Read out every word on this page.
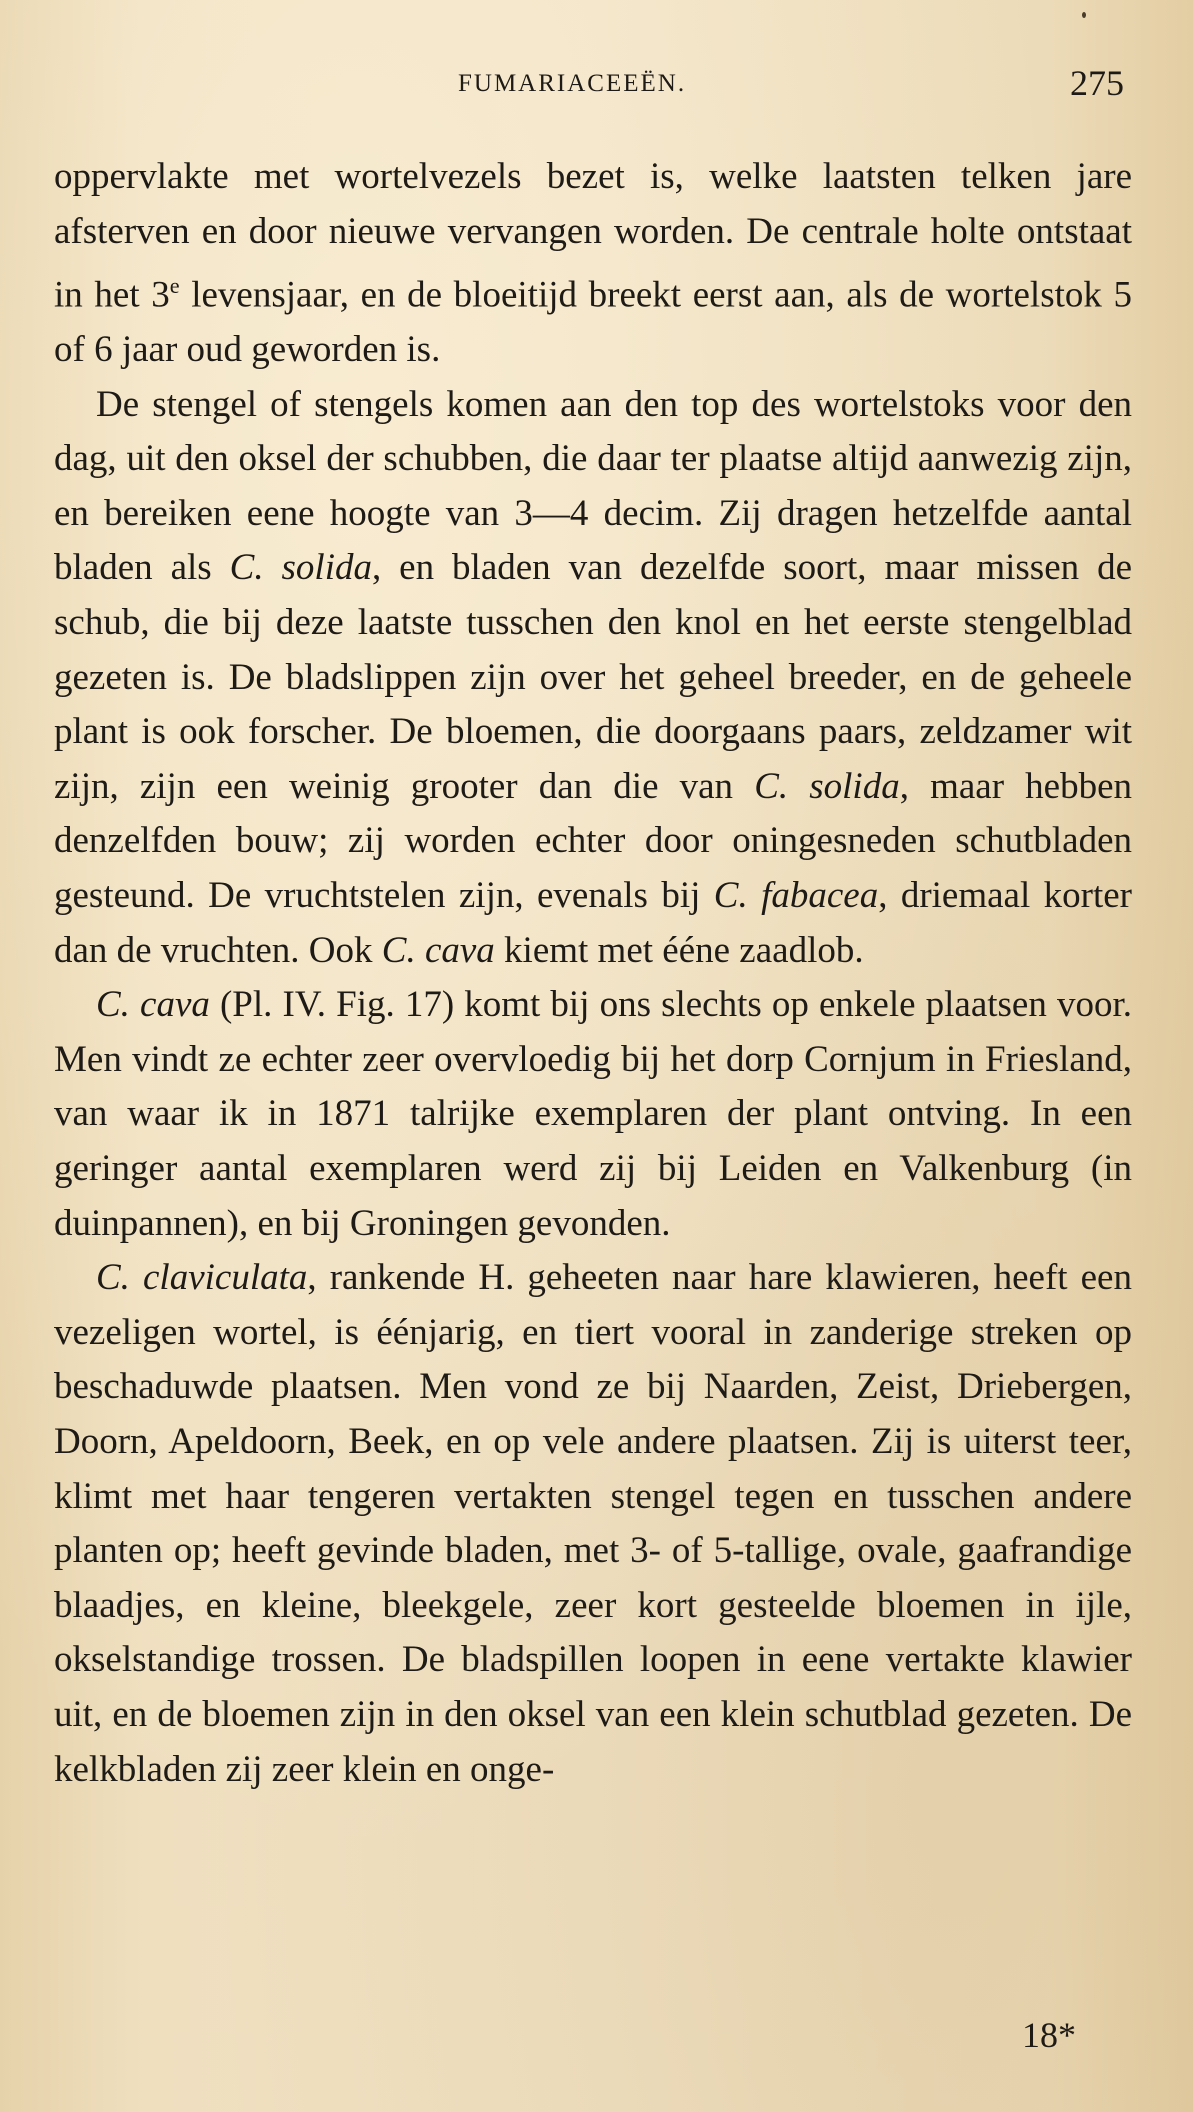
FUMARIACEEËN.	275

oppervlakte met wortelvezels bezet is, welke laatsten telken jare afsterven en door nieuwe vervangen worden. De centrale holte ontstaat in het 3e levensjaar, en de bloeitijd breekt eerst aan, als de wortelstok 5 of 6 jaar oud geworden is.

De stengel of stengels komen aan den top des wortelstoks voor den dag, uit den oksel der schubben, die daar ter plaatse altijd aanwezig zijn, en bereiken eene hoogte van 3—4 decim. Zij dragen hetzelfde aantal bladen als C. solida, en bladen van dezelfde soort, maar missen de schub, die bij deze laatste tusschen den knol en het eerste stengelblad gezeten is. De bladslippen zijn over het geheel breeder, en de geheele plant is ook forscher. De bloemen, die doorgaans paars, zeldzamer wit zijn, zijn een weinig grooter dan die van C. solida, maar hebben denzelfden bouw; zij worden echter door oningesneden schutbladen gesteund. De vruchtstelen zijn, evenals bij C. fabacea, driemaal korter dan de vruchten. Ook C. cava kiemt met ééne zaadlob.

C. cava (Pl. IV. Fig. 17) komt bij ons slechts op enkele plaatsen voor. Men vindt ze echter zeer overvloedig bij het dorp Cornjum in Friesland, van waar ik in 1871 talrijke exemplaren der plant ontving. In een geringer aantal exemplaren werd zij bij Leiden en Valkenburg (in duinpannen), en bij Groningen gevonden.

C. claviculata, rankende H. geheeten naar hare klawieren, heeft een vezeligen wortel, is éénjarig, en tiert vooral in zanderige streken op beschaduwde plaatsen. Men vond ze bij Naarden, Zeist, Driebergen, Doorn, Apeldoorn, Beek, en op vele andere plaatsen. Zij is uiterst teer, klimt met haar tengeren vertakten stengel tegen en tusschen andere planten op; heeft gevinde bladen, met 3- of 5-tallige, ovale, gaafrandige blaadjes, en kleine, bleekgele, zeer kort gesteelde bloemen in ijle, okselstandige trossen. De bladspillen loopen in eene vertakte klawier uit, en de bloemen zijn in den oksel van een klein schutblad gezeten. De kelkbladen zij zeer klein en onge-

18*
